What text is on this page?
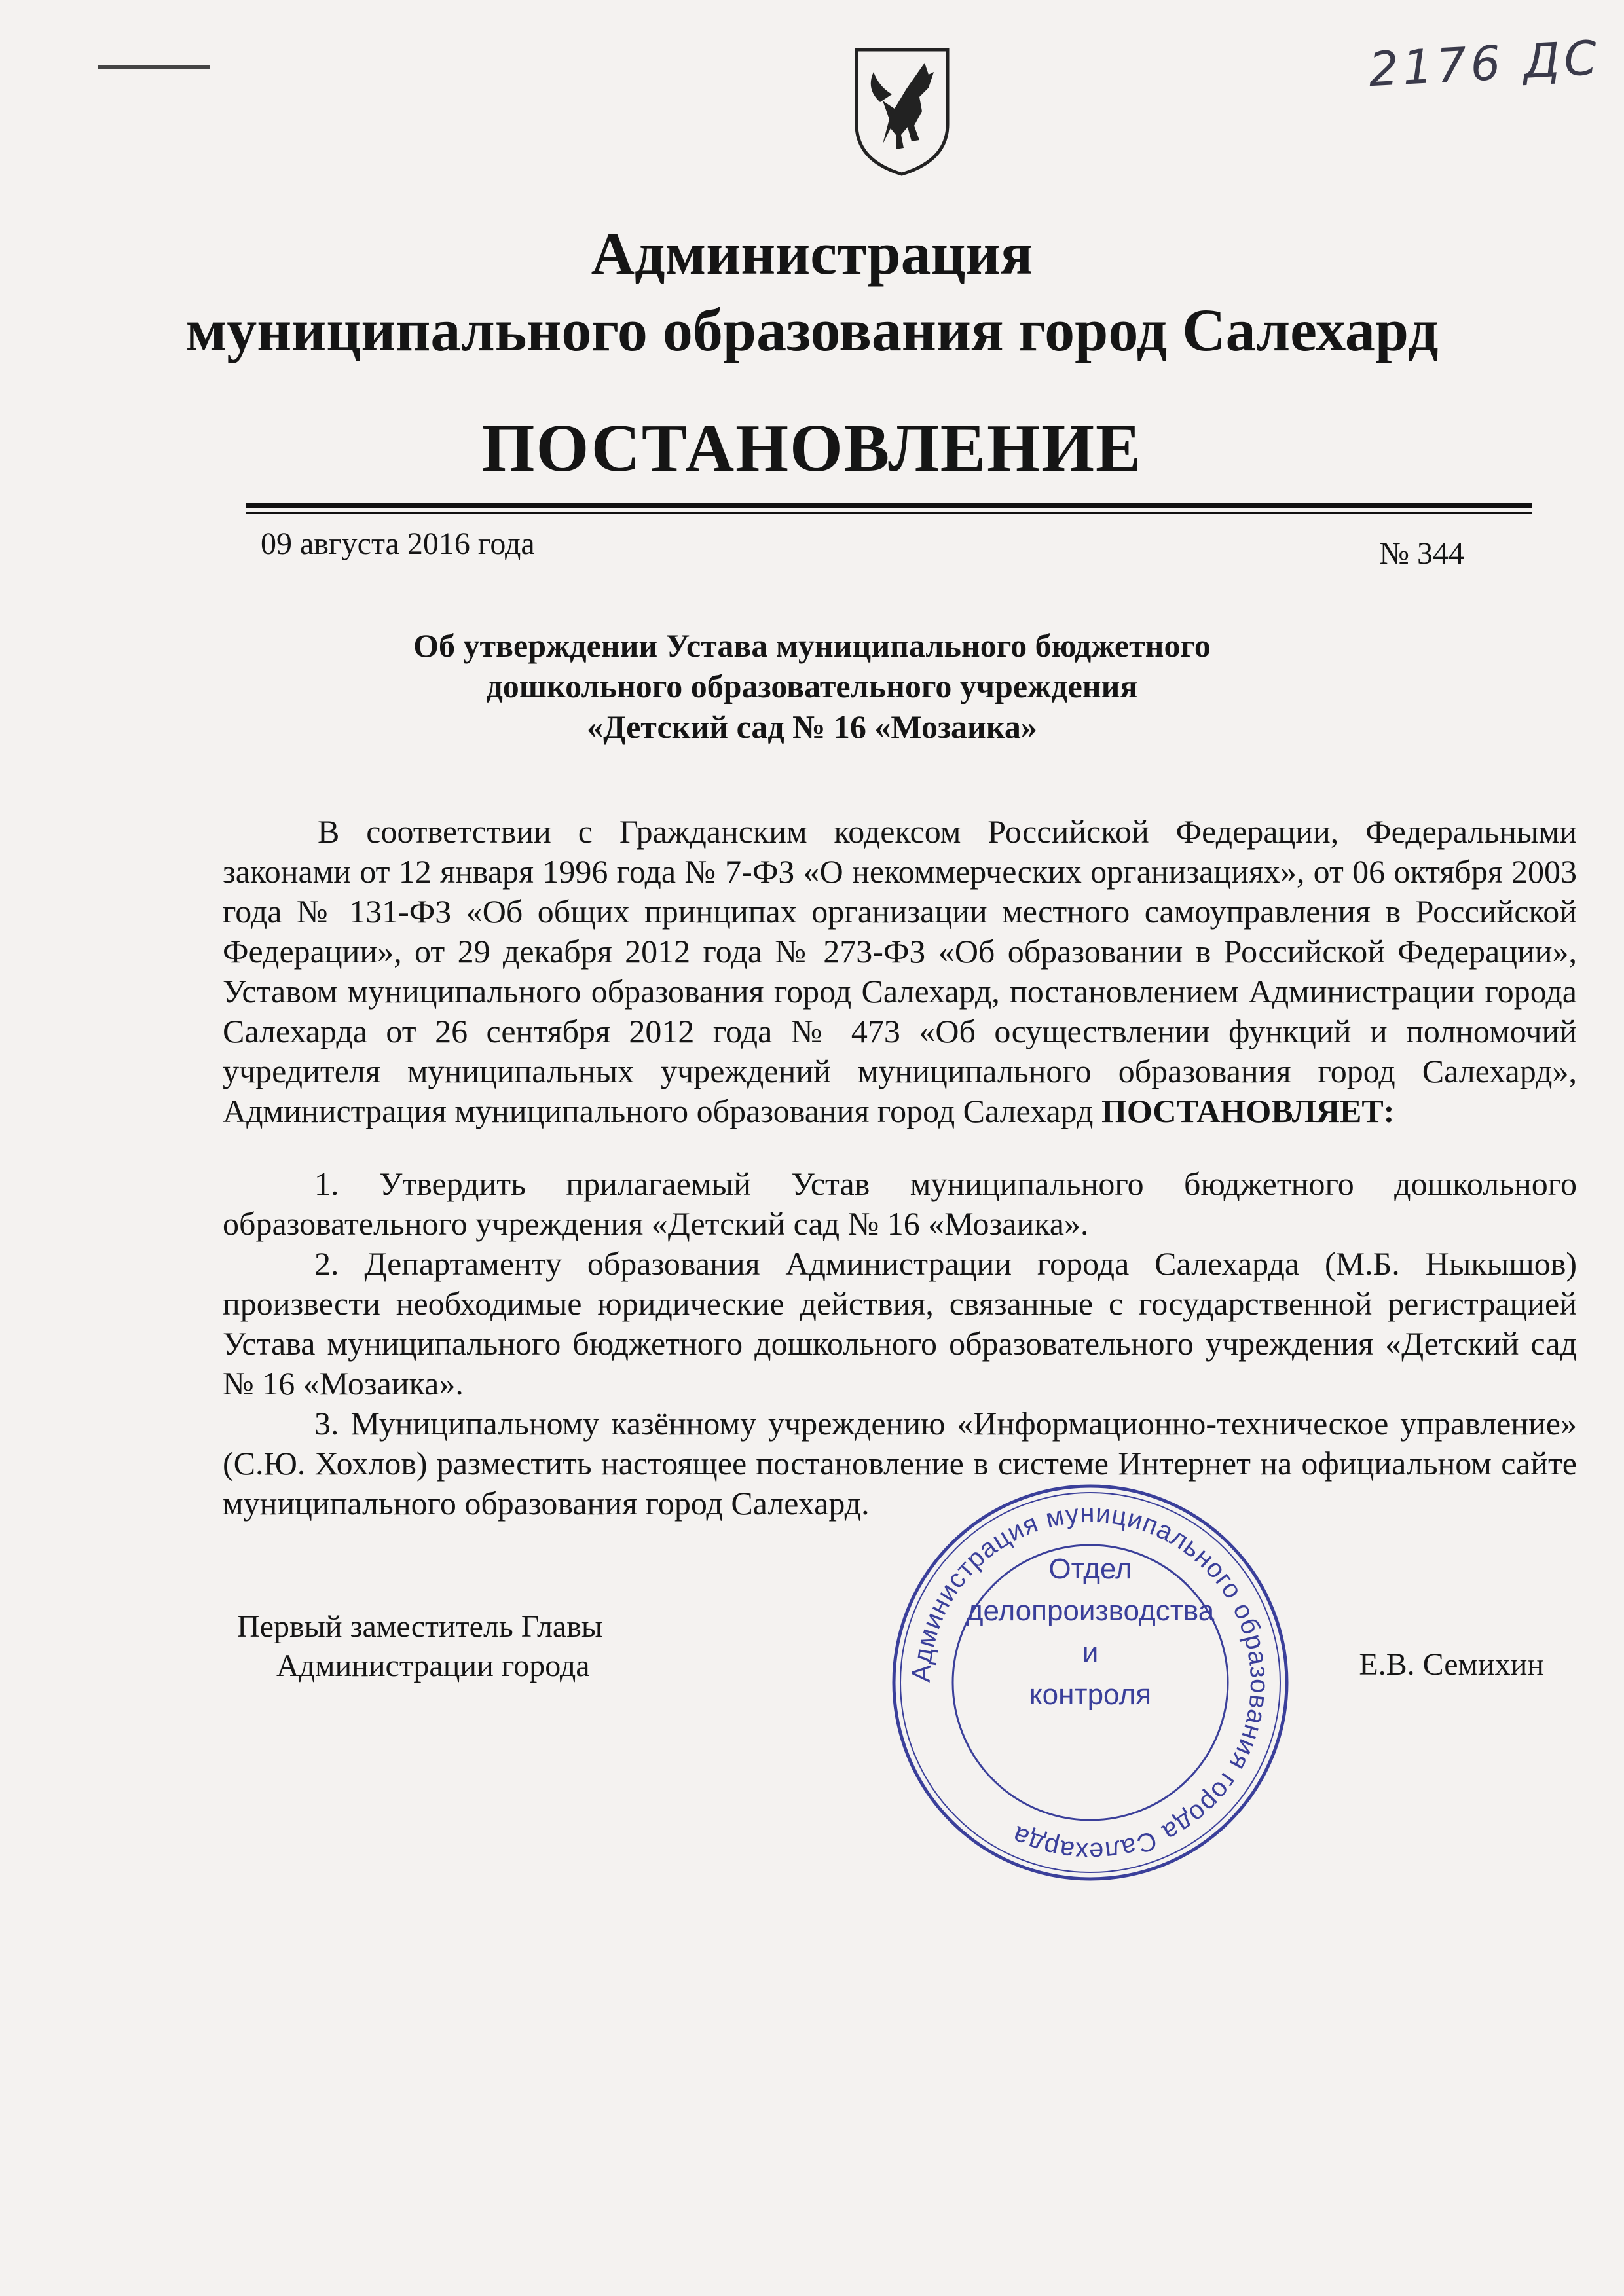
2176 ДС
Администрация
муниципального образования город Салехард
ПОСТАНОВЛЕНИЕ
09 августа 2016 года	№ 344
Об утверждении Устава муниципального бюджетного
дошкольного образовательного учреждения
«Детский сад № 16 «Мозаика»

В соответствии с Гражданским кодексом Российской Федерации, Федеральными законами от 12 января 1996 года № 7-ФЗ «О некоммерческих организациях», от 06 октября 2003 года № 131-ФЗ «Об общих принципах организации местного самоуправления в Российской Федерации», от 29 декабря 2012 года № 273-ФЗ «Об образовании в Российской Федерации», Уставом муниципального образования город Салехард, постановлением Администрации города Салехарда от 26 сентября 2012 года № 473 «Об осуществлении функций и полномочий учредителя муниципальных учреждений муниципального образования город Салехард», Администрация муниципального образования город Салехард ПОСТАНОВЛЯЕТ:

1. Утвердить прилагаемый Устав муниципального бюджетного дошкольного образовательного учреждения «Детский сад № 16 «Мозаика».

2. Департаменту образования Администрации города Салехарда (М.Б. Ныкышов) произвести необходимые юридические действия, связанные с государственной регистрацией Устава муниципального бюджетного дошкольного образовательного учреждения «Детский сад № 16 «Мозаика».

3. Муниципальному казённому учреждению «Информационно-техническое управление» (С.Ю. Хохлов) разместить настоящее постановление в системе Интернет на официальном сайте муниципального образования город Салехард.

Первый заместитель Главы
Администрации города	Е.В. Семихин
Администрация муниципального образования города Салехарда
Отдел
делопроизводства
и
контроля
